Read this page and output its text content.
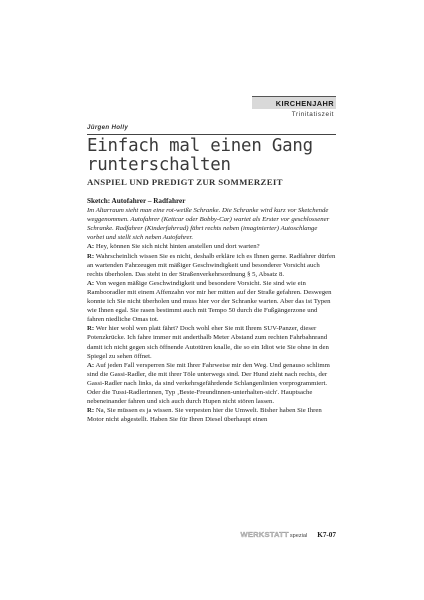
KIRCHENJAHR
Trinitatiszeit
Jürgen Holly
Einfach mal einen Gang
runterschalten
ANSPIEL UND PREDIGT ZUR SOMMERZEIT

Sketch: Autofahrer – Radfahrer

Im Altarraum sieht man eine rot-weiße Schranke. Die Schranke wird kurz vor Sketchende weggenommen. Autofahrer (Kettcar oder Bobby-Car) wartet als Erster vor geschlossener Schranke. Radfahrer (Kinderfahrrad) fährt rechts neben (imaginierter) Autoschlange vorbei und stellt sich neben Autofahrer.

A: Hey, können Sie sich nicht hinten anstellen und dort warten?

R: Wahrscheinlich wissen Sie es nicht, deshalb erkläre ich es Ihnen gerne. Radfahrer dürfen an wartenden Fahrzeugen mit mäßiger Geschwindigkeit und besonderer Vorsicht auch rechts überholen. Das steht in der Straßenverkehrsordnung § 5, Absatz 8.

A: Von wegen mäßige Geschwindigkeit und besondere Vorsicht. Sie sind wie ein Rambooradler mit einem Affenzahn vor mir her mitten auf der Straße gefahren. Deswegen konnte ich Sie nicht überholen und muss hier vor der Schranke warten. Aber das ist Typen wie Ihnen egal. Sie rasen bestimmt auch mit Tempo 50 durch die Fußgängerzone und fahren niedliche Omas tot.

R: Wer hier wohl wen platt fährt? Doch wohl eher Sie mit Ihrem SUV-Panzer, dieser Potenzkrücke. Ich fahre immer mit anderthalb Meter Abstand zum rechten Fahrbahnrand damit ich nicht gegen sich öffnende Autotüren knalle, die so ein Idiot wie Sie ohne in den Spiegel zu sehen öffnet.

A: Auf jeden Fall versperren Sie mit Ihrer Fahrweise mir den Weg. Und genauso schlimm sind die Gassi-Radler, die mit ihrer Töle unterwegs sind. Der Hund zieht nach rechts, der Gassi-Radler nach links, da sind verkehrsgefährdende Schlangenlinien vorprogrammiert. Oder die Tussi-Radlerinnen, Typ ‚Beste-Freundinnen-unterhalten-sich'. Hauptsache nebeneinander fahren und sich auch durch Hupen nicht stören lassen.

R: Na, Sie müssen es ja wissen. Sie verpesten hier die Umwelt. Bisher haben Sie Ihren Motor nicht abgestellt. Haben Sie für Ihren Diesel überhaupt einen

WERKSTATTspezial K7-07
